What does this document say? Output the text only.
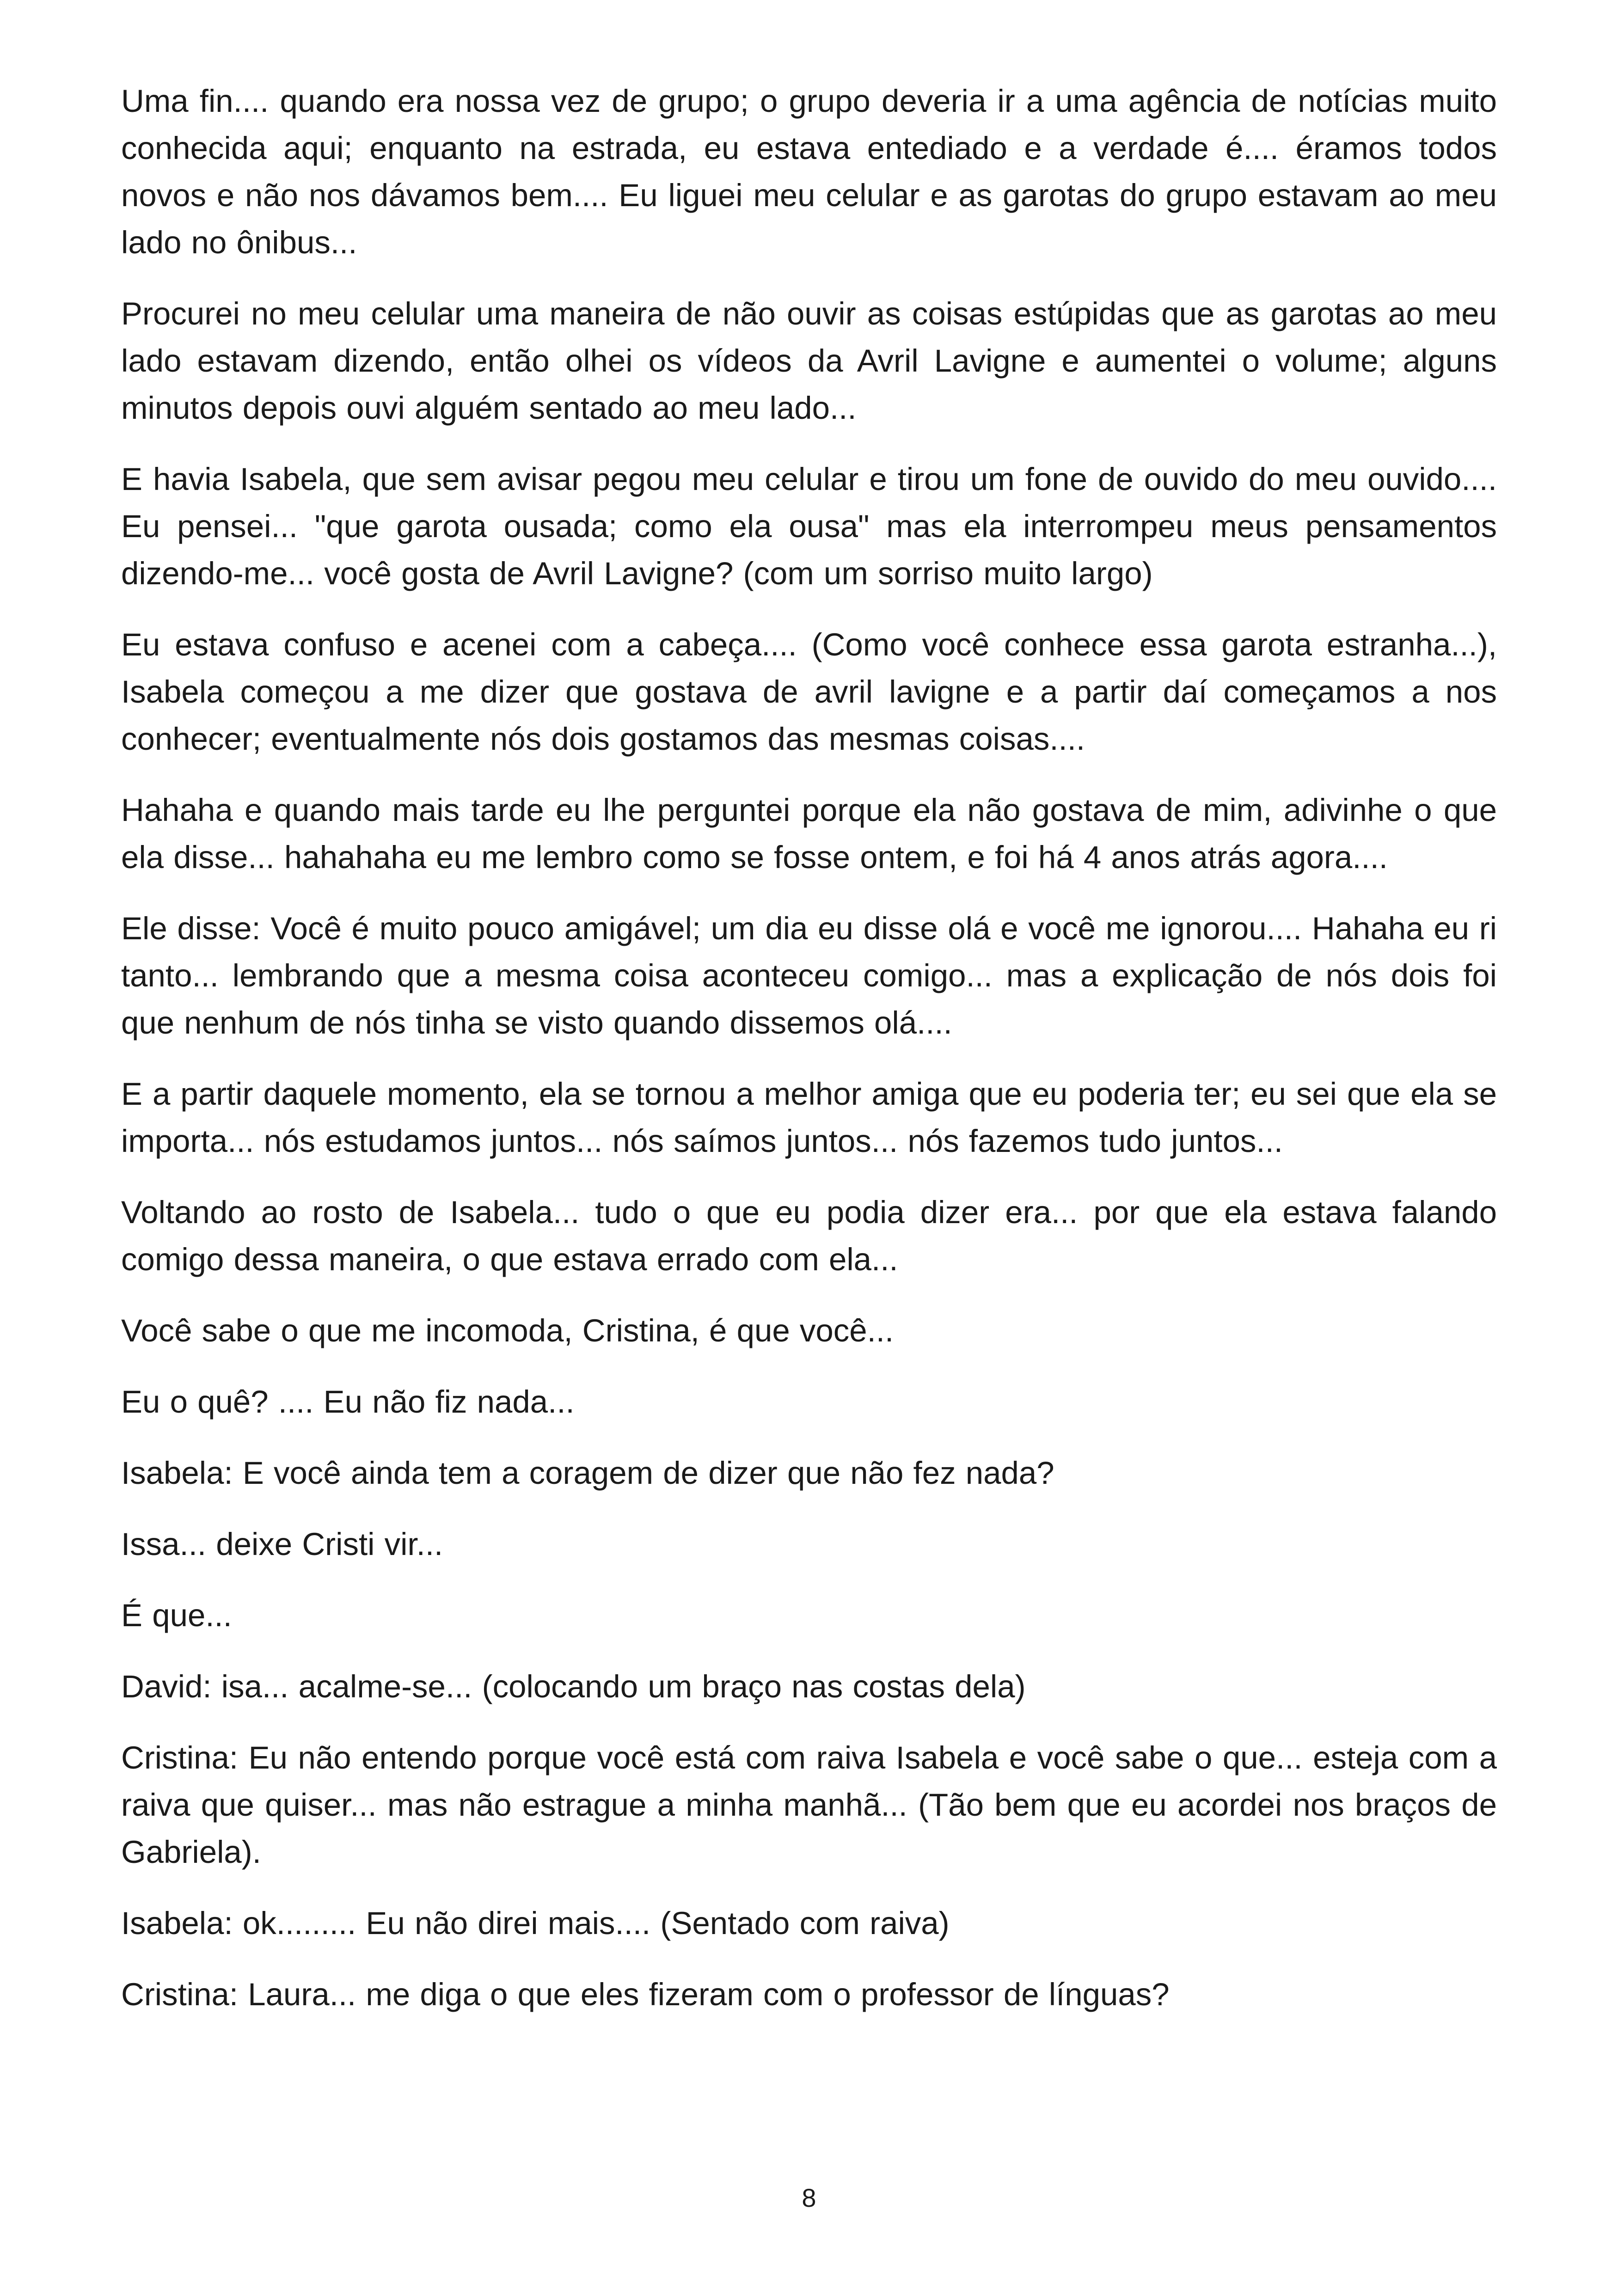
Uma fin.... quando era nossa vez de grupo; o grupo deveria ir a uma agência de notícias muito conhecida aqui; enquanto na estrada, eu estava entediado e a verdade é.... éramos todos novos e não nos dávamos bem.... Eu liguei meu celular e as garotas do grupo estavam ao meu lado no ônibus...

Procurei no meu celular uma maneira de não ouvir as coisas estúpidas que as garotas ao meu lado estavam dizendo, então olhei os vídeos da Avril Lavigne e aumentei o volume; alguns minutos depois ouvi alguém sentado ao meu lado...

E havia Isabela, que sem avisar pegou meu celular e tirou um fone de ouvido do meu ouvido.... Eu pensei... "que garota ousada; como ela ousa" mas ela interrompeu meus pensamentos dizendo-me... você gosta de Avril Lavigne? (com um sorriso muito largo)

Eu estava confuso e acenei com a cabeça.... (Como você conhece essa garota estranha...), Isabela começou a me dizer que gostava de avril lavigne e a partir daí começamos a nos conhecer; eventualmente nós dois gostamos das mesmas coisas....

Hahaha e quando mais tarde eu lhe perguntei porque ela não gostava de mim, adivinhe o que ela disse... hahahaha eu me lembro como se fosse ontem, e foi há 4 anos atrás agora....

Ele disse: Você é muito pouco amigável; um dia eu disse olá e você me ignorou.... Hahaha eu ri tanto... lembrando que a mesma coisa aconteceu comigo... mas a explicação de nós dois foi que nenhum de nós tinha se visto quando dissemos olá....

E a partir daquele momento, ela se tornou a melhor amiga que eu poderia ter; eu sei que ela se importa... nós estudamos juntos... nós saímos juntos... nós fazemos tudo juntos...

Voltando ao rosto de Isabela... tudo o que eu podia dizer era... por que ela estava falando comigo dessa maneira, o que estava errado com ela...

Você sabe o que me incomoda, Cristina, é que você...

Eu o quê? .... Eu não fiz nada...

Isabela: E você ainda tem a coragem de dizer que não fez nada?

Issa... deixe Cristi vir...

É que...

David: isa... acalme-se... (colocando um braço nas costas dela)

Cristina: Eu não entendo porque você está com raiva Isabela e você sabe o que... esteja com a raiva que quiser... mas não estrague a minha manhã... (Tão bem que eu acordei nos braços de Gabriela).

Isabela: ok......... Eu não direi mais.... (Sentado com raiva)

Cristina: Laura... me diga o que eles fizeram com o professor de línguas?

8
